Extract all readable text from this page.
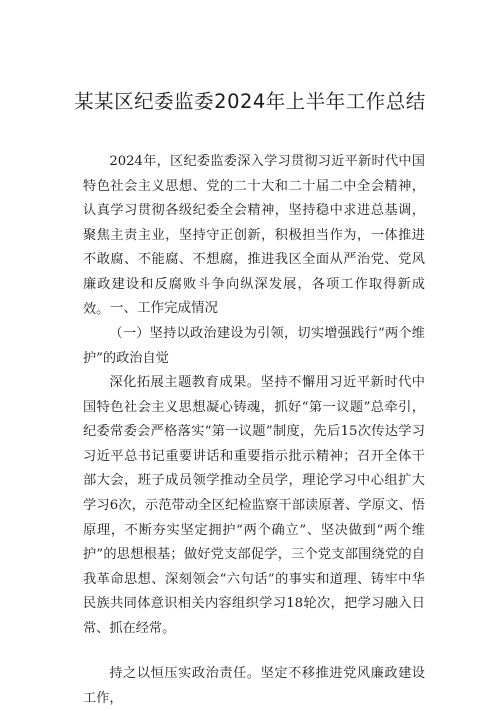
某某区纪委监委2024年上半年工作总结

2024年，区纪委监委深入学习贯彻习近平新时代中国特色社会主义思想、党的二十大和二十届二中全会精神，认真学习贯彻各级纪委全会精神，坚持稳中求进总基调，聚焦主责主业，坚持守正创新，积极担当作为，一体推进不敢腐、不能腐、不想腐，推进我区全面从严治党、党风廉政建设和反腐败斗争向纵深发展，各项工作取得新成效。 一、工作完成情况

（一）坚持以政治建设为引领，切实增强践行“两个维护”的政治自觉

深化拓展主题教育成果。坚持不懈用习近平新时代中国特色社会主义思想凝心铸魂，抓好“第一议题”总牵引，纪委常委会严格落实“第一议题”制度，先后15次传达学习习近平总书记重要讲话和重要指示批示精神；召开全体干部大会，班子成员领学推动全员学，理论学习中心组扩大学习6次，示范带动全区纪检监察干部读原著、学原文、悟原理，不断夯实坚定拥护“两个确立”、坚决做到“两个维护”的思想根基；做好党支部促学，三个党支部围绕党的自我革命思想、深刻领会“六句话”的事实和道理、铸牢中华民族共同体意识相关内容组织学习18轮次，把学习融入日常、抓在经常。

持之以恒压实政治责任。坚定不移推进党风廉政建设工作，
